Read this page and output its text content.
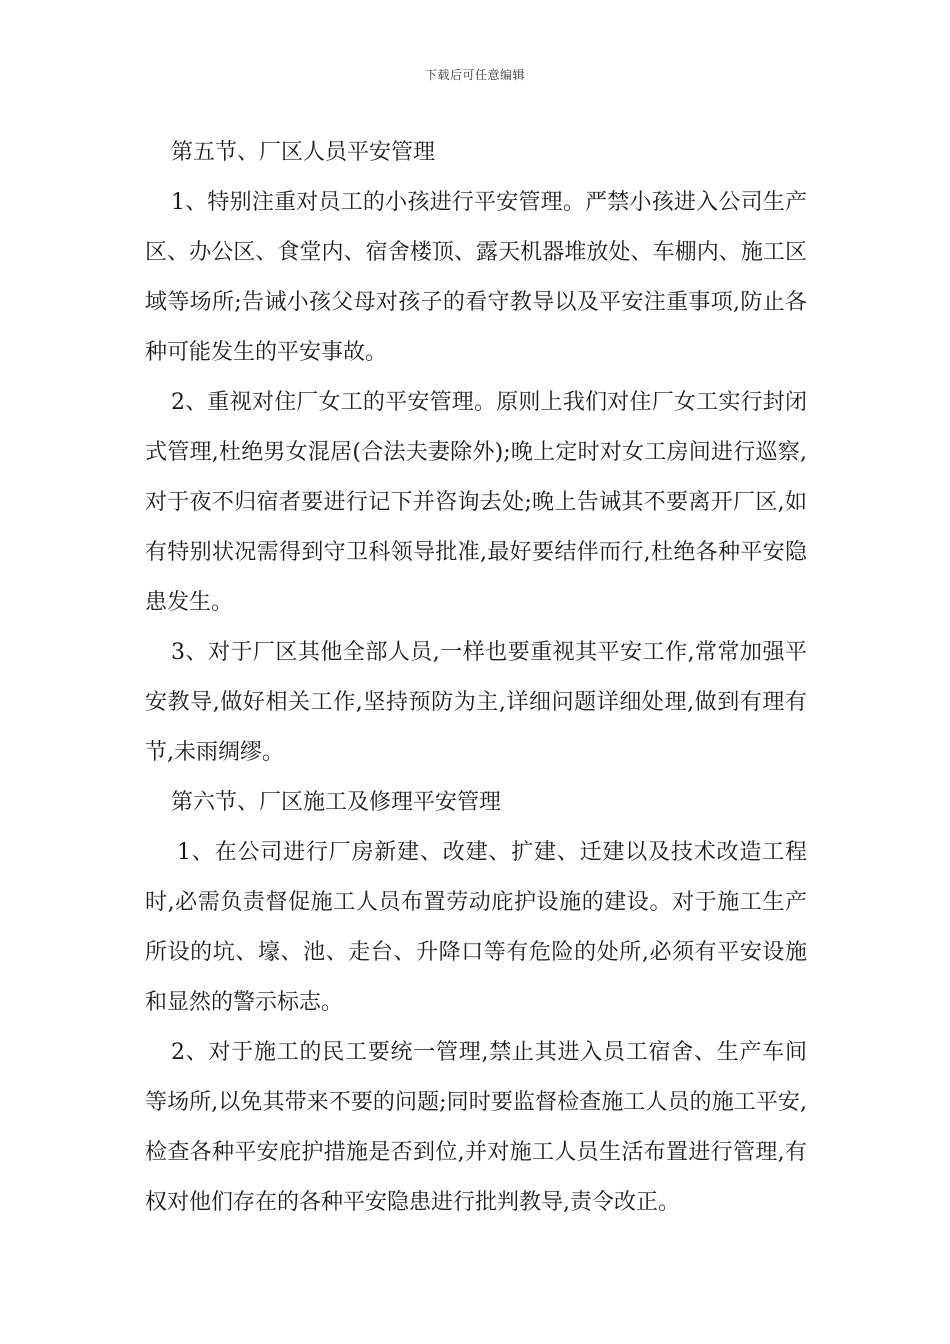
下载后可任意编辑

第五节、厂区人员平安管理

1、特别注重对员工的小孩进行平安管理。严禁小孩进入公司生产区、办公区、食堂内、宿舍楼顶、露天机器堆放处、车棚内、施工区域等场所;告诫小孩父母对孩子的看守教导以及平安注重事项,防止各种可能发生的平安事故。

2、重视对住厂女工的平安管理。原则上我们对住厂女工实行封闭式管理,杜绝男女混居(合法夫妻除外);晚上定时对女工房间进行巡察,对于夜不归宿者要进行记下并咨询去处;晚上告诫其不要离开厂区,如有特别状况需得到守卫科领导批准,最好要结伴而行,杜绝各种平安隐患发生。

3、对于厂区其他全部人员,一样也要重视其平安工作,常常加强平安教导,做好相关工作,坚持预防为主,详细问题详细处理,做到有理有节,未雨绸缪。

第六节、厂区施工及修理平安管理

1、在公司进行厂房新建、改建、扩建、迁建以及技术改造工程时,必需负责督促施工人员布置劳动庇护设施的建设。对于施工生产所设的坑、壕、池、走台、升降口等有危险的处所,必须有平安设施和显然的警示标志。

2、对于施工的民工要统一管理,禁止其进入员工宿舍、生产车间等场所,以免其带来不要的问题;同时要监督检查施工人员的施工平安,检查各种平安庇护措施是否到位,并对施工人员生活布置进行管理,有权对他们存在的各种平安隐患进行批判教导,责令改正。
